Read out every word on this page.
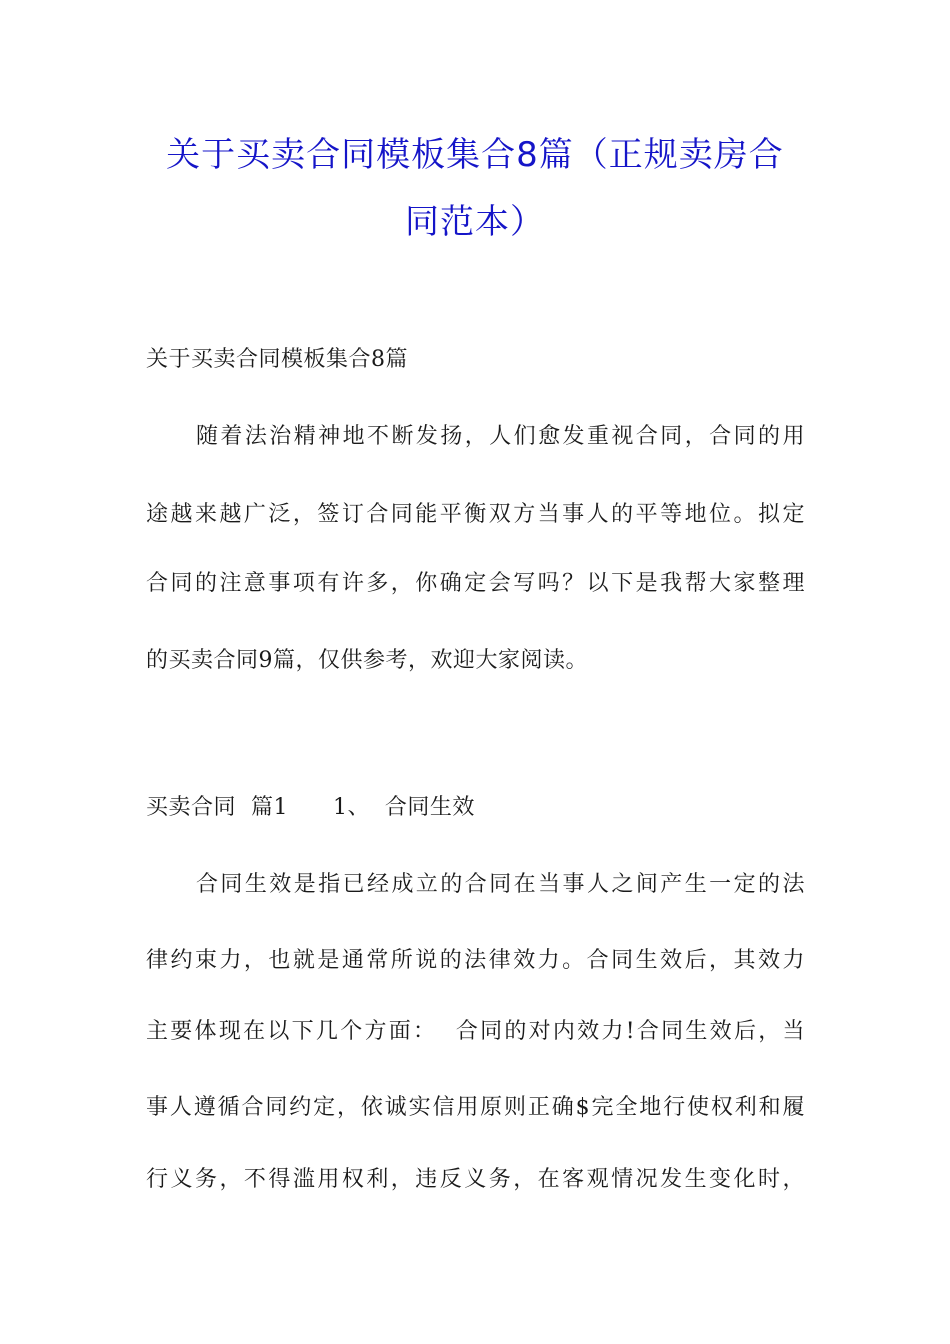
关于买卖合同模板集合8篇（正规卖房合
同范本）
关于买卖合同模板集合8篇
随着法治精神地不断发扬，人们愈发重视合同，合同的用
途越来越广泛，签订合同能平衡双方当事人的平等地位。拟定
合同的注意事项有许多，你确定会写吗？以下是我帮大家整理
的买卖合同9篇，仅供参考，欢迎大家阅读。
买卖合同  篇1      1、  合同生效
合同生效是指已经成立的合同在当事人之间产生一定的法
律约束力，也就是通常所说的法律效力。合同生效后，其效力
主要体现在以下几个方面：  合同的对内效力!合同生效后，当
事人遵循合同约定，依诚实信用原则正确$完全地行使权利和履
行义务，不得滥用权利，违反义务，在客观情况发生变化时，
